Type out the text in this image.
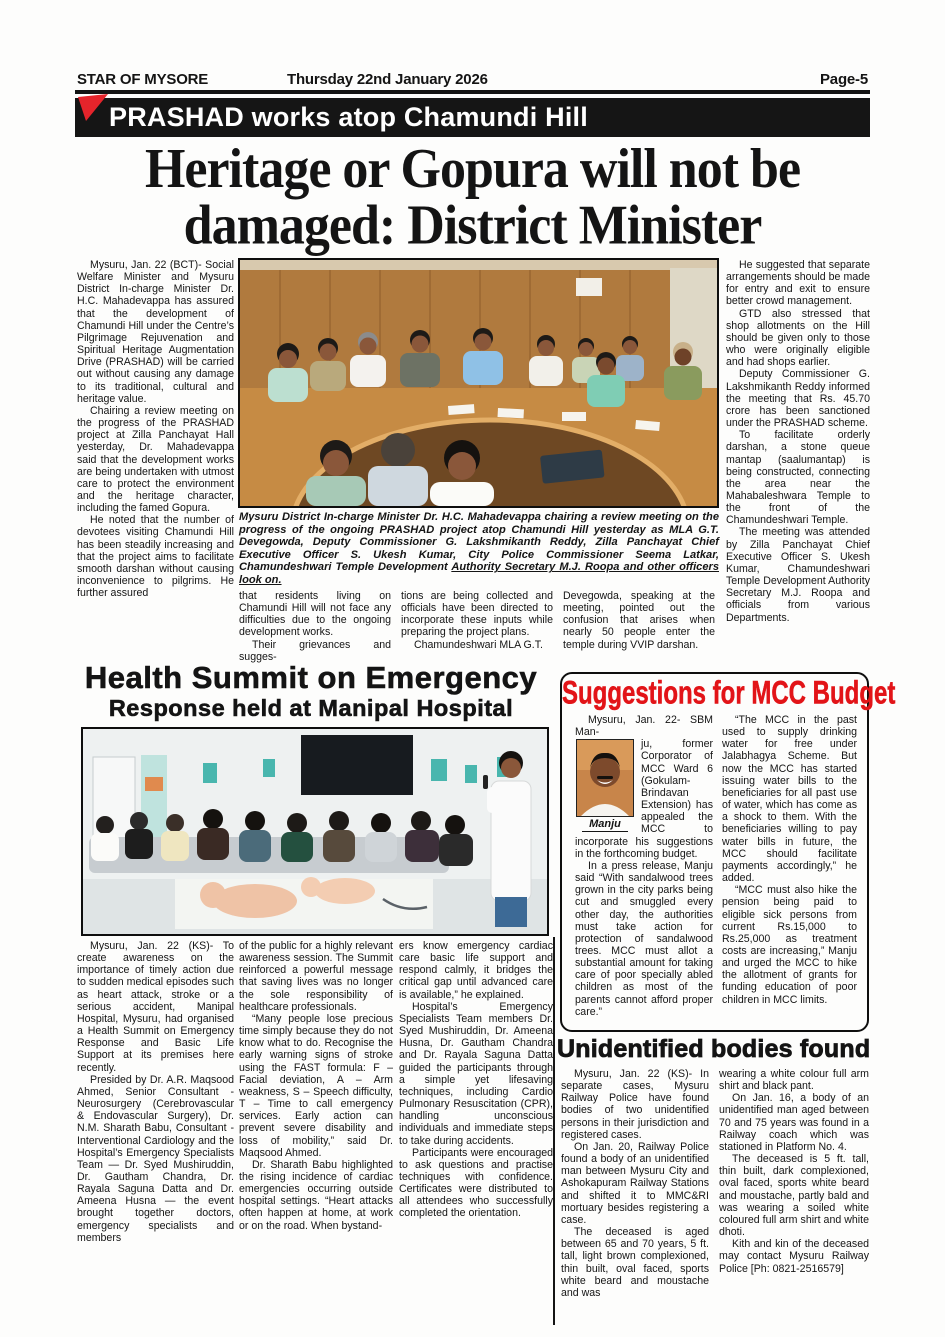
STAR OF MYSORE	Thursday 22nd January 2026	Page-5
PRASHAD works atop Chamundi Hill
Heritage or Gopura will not be
damaged: District Minister

Mysuru, Jan. 22 (BCT)- Social Welfare Minister and Mysuru District In-charge Minister Dr. H.C. Mahadevappa has assured that the development of Chamundi Hill under the Centre’s Pilgrimage Rejuvenation and Spiritual Heritage Augmentation Drive (PRASHAD) will be carried out without causing any damage to its traditional, cultural and heritage value.

Chairing a review meeting on the progress of the PRASHAD project at Zilla Panchayat Hall yesterday, Dr. Mahadevappa said that the development works are being undertaken with utmost care to protect the environment and the heritage character, including the famed Gopura.

He noted that the number of devotees visiting Chamundi Hill has been steadily increasing and that the project aims to facilitate smooth darshan without causing inconvenience to pilgrims. He further assured

He suggested that separate arrangements should be made for entry and exit to ensure better crowd management.

GTD also stressed that shop allotments on the Hill should be given only to those who were originally eligible and had shops earlier.

Deputy Commissioner G. Lakshmikanth Reddy informed the meeting that Rs. 45.70 crore has been sanctioned under the PRASHAD scheme.

To facilitate orderly darshan, a stone queue mantap (saalumantap) is being constructed, connecting the area near the Mahabaleshwara Temple to the front of the Chamundeshwari Temple.

The meeting was attended by Zilla Panchayat Chief Executive Officer S. Ukesh Kumar, Chamundeshwari Temple Development Authority Secretary M.J. Roopa and officials from various Departments.

Mysuru District In-charge Minister Dr. H.C. Mahadevappa chairing a review meeting on the progress of the ongoing PRASHAD project atop Chamundi Hill yesterday as MLA G.T. Devegowda, Deputy Commissioner G. Lakshmikanth Reddy, Zilla Panchayat Chief Executive Officer S. Ukesh Kumar, City Police Commissioner Seema Latkar, Chamundeshwari Temple Development Authority Secretary M.J. Roopa and other officers look on.

that residents living on Chamundi Hill will not face any difficulties due to the ongoing development works.

Their grievances and sugges-

tions are being collected and officials have been directed to incorporate these inputs while preparing the project plans.

Chamundeshwari MLA G.T.

Devegowda, speaking at the meeting, pointed out the confusion that arises when nearly 50 people enter the temple during VVIP darshan.

Health Summit on Emergency
Response held at Manipal Hospital

Mysuru, Jan. 22 (KS)- To create awareness on the importance of timely action due to sudden medical episodes such as heart attack, stroke or a serious accident, Manipal Hospital, Mysuru, had organised a Health Summit on Emergency Response and Basic Life Support at its premises here recently.

Presided by Dr. A.R. Maqsood Ahmed, Senior Consultant - Neurosurgery (Cerebrovascular & Endovascular Surgery), Dr. N.M. Sharath Babu, Consultant - Interventional Cardiology and the Hospital’s Emergency Specialists Team — Dr. Syed Mushiruddin, Dr. Gautham Chandra, Dr. Rayala Saguna Datta and Dr. Ameena Husna — the event brought together doctors, emergency specialists and members

of the public for a highly relevant awareness session. The Summit reinforced a powerful message that saving lives was no longer the sole responsibility of healthcare professionals.

“Many people lose precious time simply because they do not know what to do. Recognise the early warning signs of stroke using the FAST formula: F – Facial deviation, A – Arm weakness, S – Speech difficulty, T – Time to call emergency services. Early action can prevent severe disability and loss of mobility,” said Dr. Maqsood Ahmed.

Dr. Sharath Babu highlighted the rising incidence of cardiac emergencies occurring outside hospital settings. “Heart attacks often happen at home, at work or on the road. When bystand-

ers know emergency cardiac care basic life support and respond calmly, it bridges the critical gap until advanced care is available,” he explained.

Hospital’s Emergency Specialists Team members Dr. Syed Mushiruddin, Dr. Ameena Husna, Dr. Gautham Chandra and Dr. Rayala Saguna Datta guided the participants through a simple yet lifesaving techniques, including Cardio Pulmonary Resuscitation (CPR), handling unconscious individuals and immediate steps to take during accidents.

Participants were encouraged to ask questions and practise techniques with confidence. Certificates were distributed to all attendees who successfully completed the orientation.

Suggestions for MCC Budget

Mysuru, Jan. 22- SBM Man-

Manju

ju, former Corporator of MCC Ward 6 (Gokulam-Brindavan Extension) has appealed the MCC to incorporate his suggestions in the forthcoming budget.

In a press release, Manju said “With sandalwood trees grown in the city parks being cut and smuggled every other day, the authorities must take action for protection of sandalwood trees. MCC must allot a substantial amount for taking care of poor specially abled children as most of the parents cannot afford proper care.”

“The MCC in the past used to supply drinking water for free under Jalabhagya Scheme. But now the MCC has started issuing water bills to the beneficiaries for all past use of water, which has come as a shock to them. With the beneficiaries willing to pay water bills in future, the MCC should facilitate payments accordingly,” he added.

“MCC must also hike the pension being paid to eligible sick persons from current Rs.15,000 to Rs.25,000 as treatment costs are increasing,” Manju and urged the MCC to hike the allotment of grants for funding education of poor children in MCC limits.

Unidentified bodies found

Mysuru, Jan. 22 (KS)- In separate cases, Mysuru Railway Police have found bodies of two unidentified persons in their jurisdiction and registered cases.

On Jan. 20, Railway Police found a body of an unidentified man between Mysuru City and Ashokapuram Railway Stations and shifted it to MMC&RI mortuary besides registering a case.

The deceased is aged between 65 and 70 years, 5 ft. tall, light brown complexioned, thin built, oval faced, sports white beard and moustache and was

wearing a white colour full arm shirt and black pant.

On Jan. 16, a body of an unidentified man aged between 70 and 75 years was found in a Railway coach which was stationed in Platform No. 4.

The deceased is 5 ft. tall, thin built, dark complexioned, oval faced, sports white beard and moustache, partly bald and was wearing a soiled white coloured full arm shirt and white dhoti.

Kith and kin of the deceased may contact Mysuru Railway Police [Ph: 0821-2516579]
